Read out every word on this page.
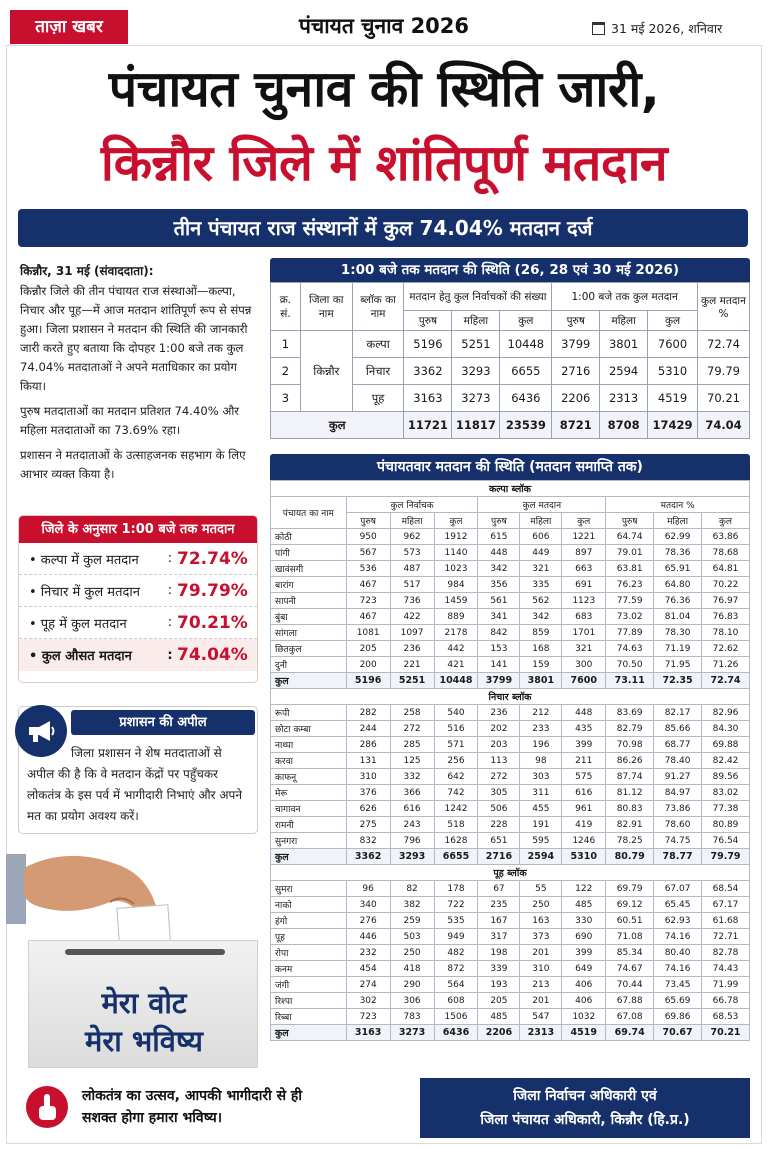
ताज़ा खबर	पंचायत चुनाव 2026	31 मई 2026, शनिवार
पंचायत चुनाव की स्थिति जारी,
किन्नौर जिले में शांतिपूर्ण मतदान
तीन पंचायत राज संस्थानों में कुल 74.04% मतदान दर्ज
किन्नौर, 31 मई (संवाददाता):

किन्नौर जिले की तीन पंचायत राज संस्थाओं—कल्पा, निचार और पूह—में आज मतदान शांतिपूर्ण रूप से संपन्न हुआ। जिला प्रशासन ने मतदान की स्थिति की जानकारी जारी करते हुए बताया कि दोपहर 1:00 बजे तक कुल 74.04% मतदाताओं ने अपने मताधिकार का प्रयोग किया।

पुरुष मतदाताओं का मतदान प्रतिशत 74.40% और महिला मतदाताओं का 73.69% रहा।

प्रशासन ने मतदाताओं के उत्साहजनक सहभाग के लिए आभार व्यक्त किया है।

जिले के अनुसार 1:00 बजे तक मतदान
• कल्पा में कुल मतदान	: 72.74%
• निचार में कुल मतदान	: 79.79%
• पूह में कुल मतदान	: 70.21%
• कुल औसत मतदान	: 74.04%
प्रशासन की अपील
जिला प्रशासन ने शेष मतदाताओं से अपील की है कि वे मतदान केंद्रों पर पहुँचकर लोकतंत्र के इस पर्व में भागीदारी निभाएं और अपने मत का प्रयोग अवश्य करें।
मेरा वोट
मेरा भविष्य
1:00 बजे तक मतदान की स्थिति (26, 28 एवं 30 मई 2026)
क्र. सं.	जिला का नाम	ब्लॉक का नाम	मतदान हेतु कुल निर्वाचकों की संख्या			1:00 बजे तक कुल मतदान			कुल मतदान %
			पुरुष	महिला	कुल	पुरुष	महिला	कुल	
1	किन्नौर	कल्पा	5196	5251	10448	3799	3801	7600	72.74
2		निचार	3362	3293	6655	2716	2594	5310	79.79
3		पूह	3163	3273	6436	2206	2313	4519	70.21
कुल			11721	11817	23539	8721	8708	17429	74.04
पंचायतवार मतदान की स्थिति (मतदान समाप्ति तक)
कल्पा ब्लॉक									
पंचायत का नाम	कुल निर्वाचक			कुल मतदान			मतदान %		
	पुरुष	महिला	कुल	पुरुष	महिला	कुल	पुरुष	महिला	कुल
कोठी	950	962	1912	615	606	1221	64.74	62.99	63.86
पांगी	567	573	1140	448	449	897	79.01	78.36	78.68
खावंसगी	536	487	1023	342	321	663	63.81	65.91	64.81
बारांग	467	517	984	356	335	691	76.23	64.80	70.22
सापनी	723	736	1459	561	562	1123	77.59	76.36	76.97
बुंबा	467	422	889	341	342	683	73.02	81.04	76.83
सांगला	1081	1097	2178	842	859	1701	77.89	78.30	78.10
छितकुल	205	236	442	153	168	321	74.63	71.19	72.62
दुनी	200	221	421	141	159	300	70.50	71.95	71.26
कुल	5196	5251	10448	3799	3801	7600	73.11	72.35	72.74
निचार ब्लॉक									
रूपी	282	258	540	236	212	448	83.69	82.17	82.96
छोटा कम्बा	244	272	516	202	233	435	82.79	85.66	84.30
नाथ्पा	286	285	571	203	196	399	70.98	68.77	69.88
करवा	131	125	256	113	98	211	86.26	78.40	82.42
काफनू	310	332	642	272	303	575	87.74	91.27	89.56
मेरू	376	366	742	305	311	616	81.12	84.97	83.02
चागावन	626	616	1242	506	455	961	80.83	73.86	77.38
रामनी	275	243	518	228	191	419	82.91	78.60	80.89
सुनगरा	832	796	1628	651	595	1246	78.25	74.75	76.54
कुल	3362	3293	6655	2716	2594	5310	80.79	78.77	79.79
पूह ब्लॉक									
सुमरा	96	82	178	67	55	122	69.79	67.07	68.54
नाको	340	382	722	235	250	485	69.12	65.45	67.17
हंगो	276	259	535	167	163	330	60.51	62.93	61.68
पूह	446	503	949	317	373	690	71.08	74.16	72.71
रोपा	232	250	482	198	201	399	85.34	80.40	82.78
कनम	454	418	872	339	310	649	74.67	74.16	74.43
जंगी	274	290	564	193	213	406	70.44	73.45	71.99
रिश्पा	302	306	608	205	201	406	67.88	65.69	66.78
रिब्बा	723	783	1506	485	547	1032	67.08	69.86	68.53
कुल	3163	3273	6436	2206	2313	4519	69.74	70.67	70.21
लोकतंत्र का उत्सव, आपकी भागीदारी से ही
सशक्त होगा हमारा भविष्य।
जिला निर्वाचन अधिकारी एवं
जिला पंचायत अधिकारी, किन्नौर (हि.प्र.)
